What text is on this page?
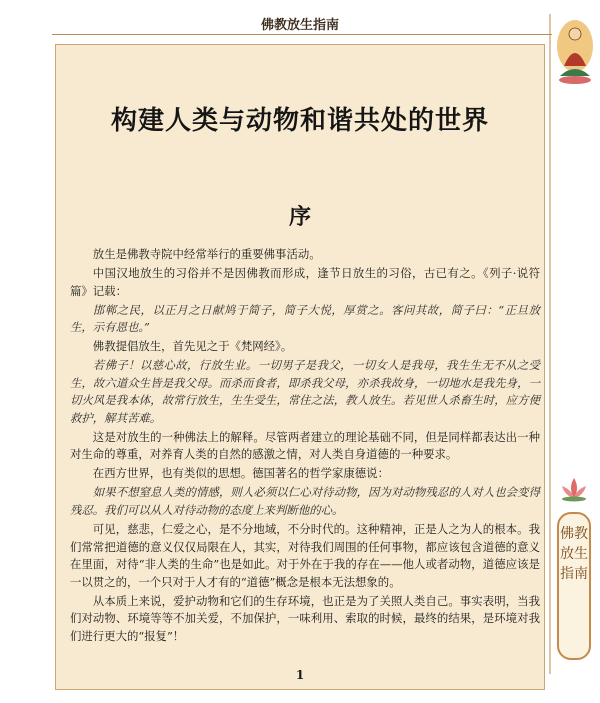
佛教放生指南
构建人类与动物和谐共处的世界
序

放生是佛教寺院中经常举行的重要佛事活动。

中国汉地放生的习俗并不是因佛教而形成，逢节日放生的习俗，古已有之。《列子·说符篇》记载：

邯郸之民，以正月之日献鸠于简子，简子大悦，厚赏之。客问其故，简子曰：“正旦放生，示有恩也。”

佛教提倡放生，首先见之于《梵网经》。

若佛子！以慈心故，行放生业。一切男子是我父，一切女人是我母，我生生无不从之受生，故六道众生皆是我父母。而杀而食者，即杀我父母，亦杀我故身，一切地水是我先身，一切火风是我本体，故常行放生，生生受生，常住之法，教人放生。若见世人杀畜生时，应方便救护，解其苦难。

这是对放生的一种佛法上的解释。尽管两者建立的理论基础不同，但是同样都表达出一种对生命的尊重，对养育人类的自然的感激之情，对人类自身道德的一种要求。

在西方世界，也有类似的思想。德国著名的哲学家康德说：

如果不想窒息人类的情感，则人必须以仁心对待动物，因为对动物残忍的人对人也会变得残忍。我们可以从人对待动物的态度上来判断他的心。

可见，慈悲，仁爱之心，是不分地域，不分时代的。这种精神，正是人之为人的根本。我们常常把道德的意义仅仅局限在人，其实，对待我们周围的任何事物，都应该包含道德的意义在里面，对待“非人类的生命”也是如此。对于外在于我的存在——他人或者动物，道德应该是一以贯之的，一个只对于人才有的“道德”概念是根本无法想象的。

从本质上来说，爱护动物和它们的生存环境，也正是为了关照人类自己。事实表明，当我们对动物、环境等等不加关爱，不加保护，一味利用、索取的时候，最终的结果，是环境对我们进行更大的“报复”！

佛教放生指南
1
